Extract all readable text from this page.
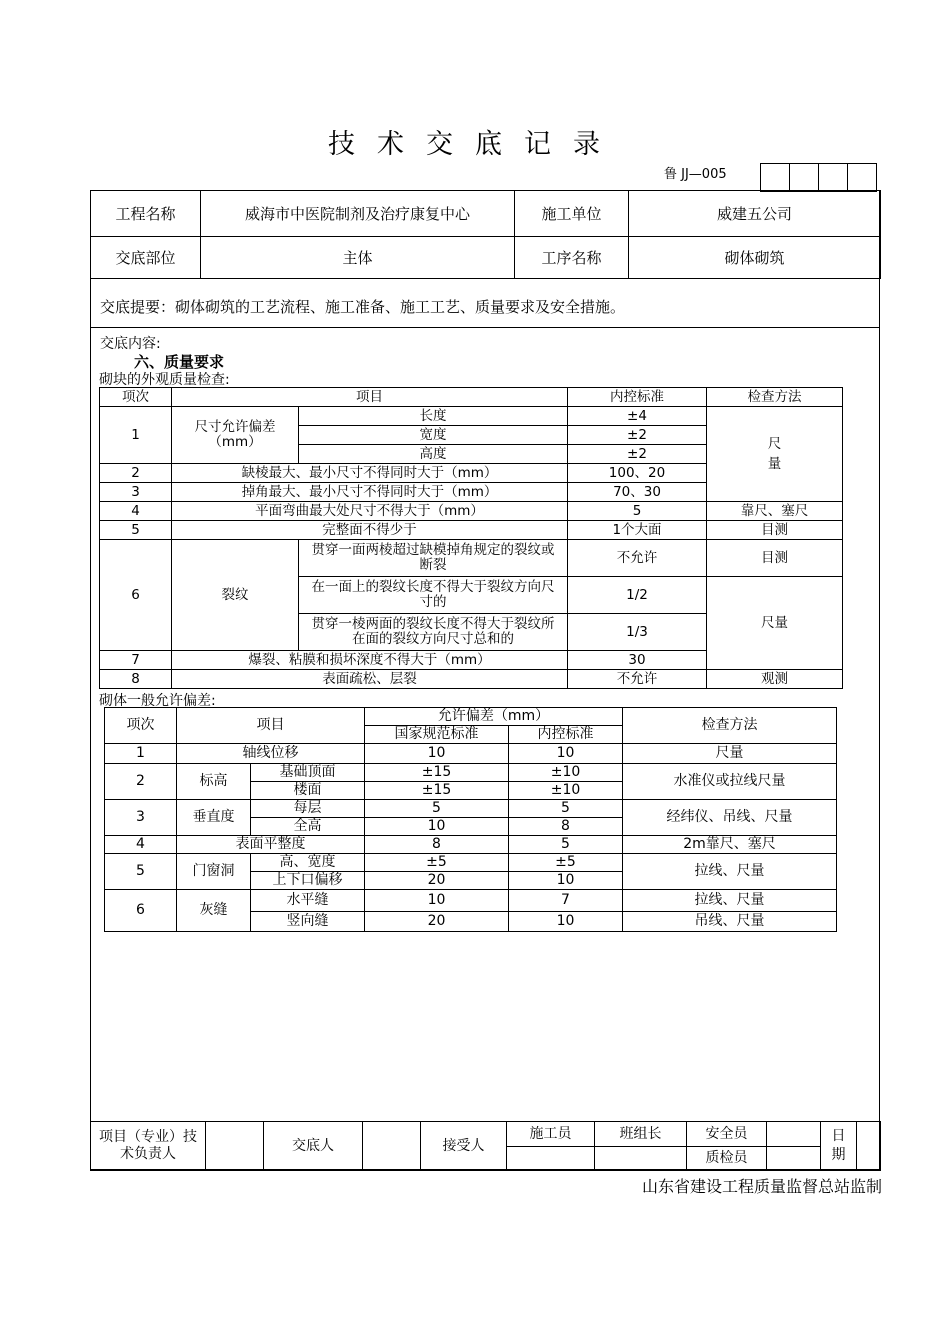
技术交底记录
鲁 JJ—005

工程名称	威海市中医院制剂及治疗康复中心	施工单位	威建五公司
交底部位	主体	工序名称	砌体砌筑
交底提要：砌体砌筑的工艺流程、施工准备、施工工艺、质量要求及安全措施。
交底内容:
六、质量要求
砌块的外观质量检查:
项次	项目		内控标准	检查方法
1	尺寸允许偏差（mm）	长度	±4	尺量
		宽度	±2	
		高度	±2	
2	缺棱最大、最小尺寸不得同时大于（mm）		100、20	
3	掉角最大、最小尺寸不得同时大于（mm）		70、30	
4	平面弯曲最大处尺寸不得大于（mm）		5	靠尺、塞尺
5	完整面不得少于		1个大面	目测
6	裂纹	贯穿一面两棱超过缺模掉角规定的裂纹或断裂	不允许	目测
		在一面上的裂纹长度不得大于裂纹方向尺寸的	1/2	尺量
		贯穿一棱两面的裂纹长度不得大于裂纹所在面的裂纹方向尺寸总和的	1/3	
7	爆裂、粘膜和损坏深度不得大于（mm）		30	
8	表面疏松、层裂		不允许	观测
砌体一般允许偏差:
项次	项目		允许偏差（mm）		检查方法
			国家规范标准	内控标准	
1	轴线位移		10	10	尺量
2	标高	基础顶面	±15	±10	水准仪或拉线尺量
		楼面	±15	±10	
3	垂直度	每层	5	5	经纬仪、吊线、尺量
		全高	10	8	
4	表面平整度		8	5	2m靠尺、塞尺
5	门窗洞	高、宽度	±5	±5	拉线、尺量
		上下口偏移	20	10	
6	灰缝	水平缝	10	7	拉线、尺量
		竖向缝	20	10	吊线、尺量
项目（专业）技术负责人		交底人		接受人	施工员	班组长	安全员		日期	
							质检员			
山东省建设工程质量监督总站监制
